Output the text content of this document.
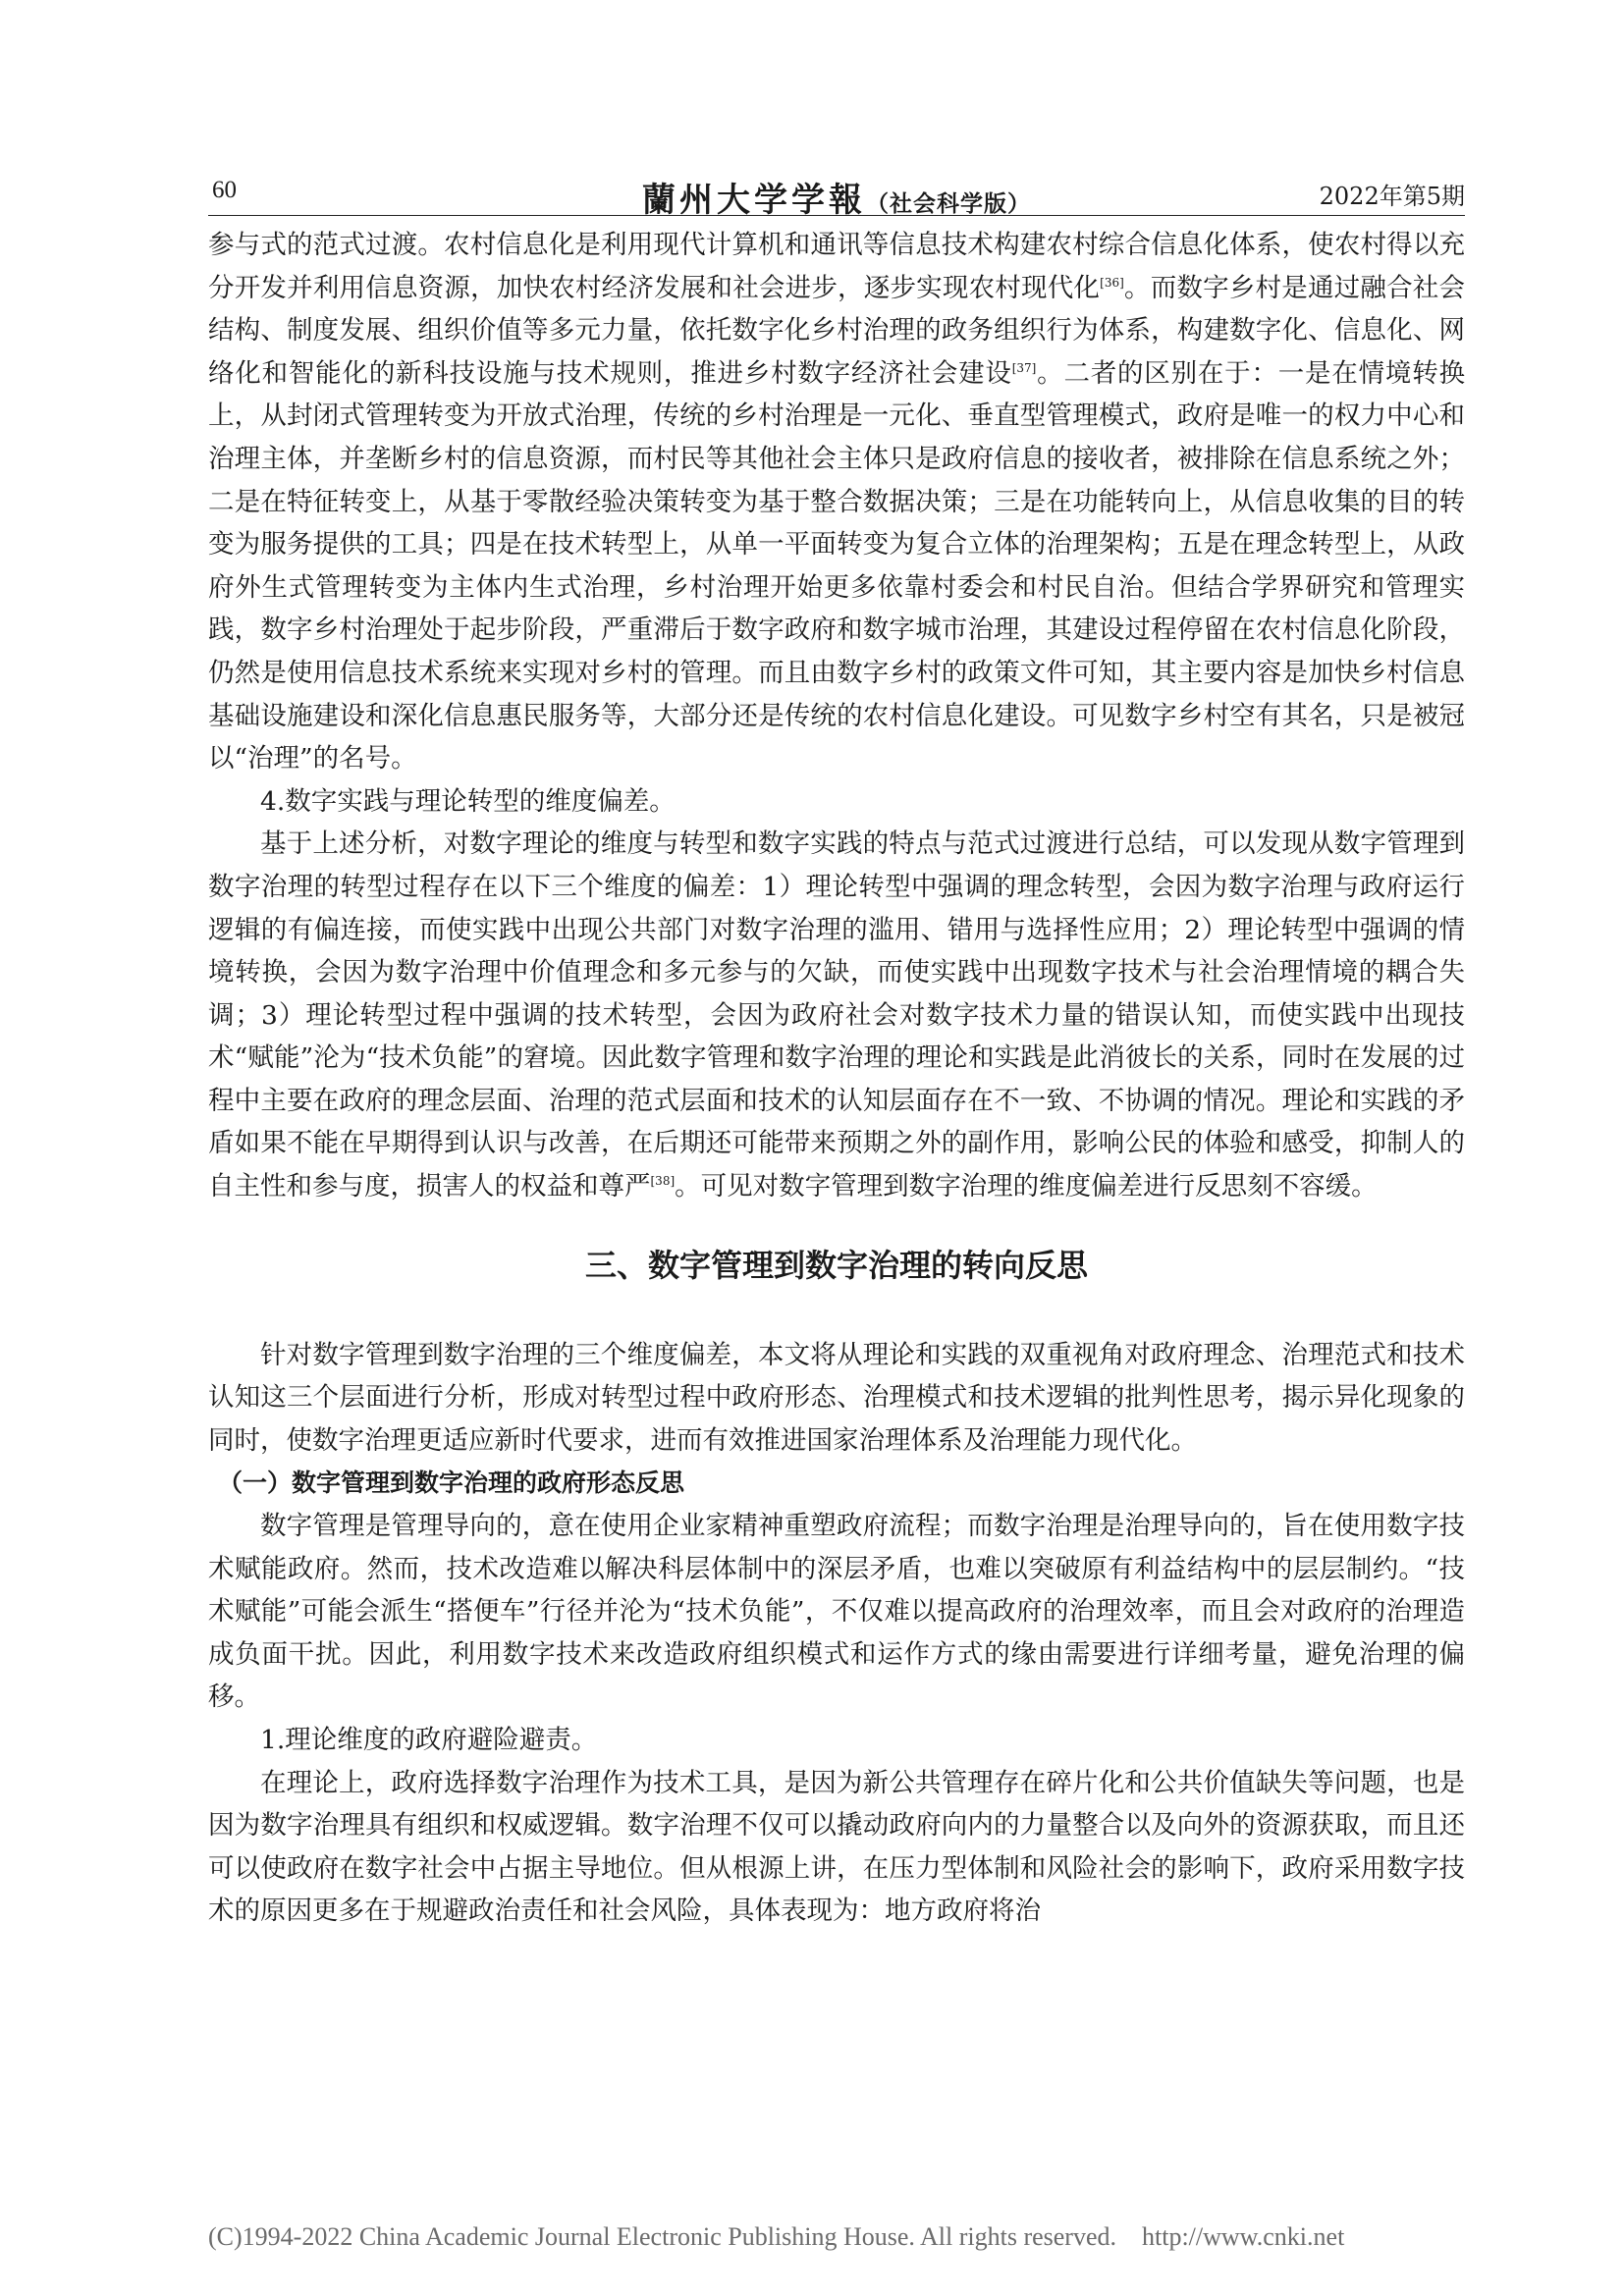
60	蘭州大学学報（社会科学版）	2022年第5期

参与式的范式过渡。农村信息化是利用现代计算机和通讯等信息技术构建农村综合信息化体系，使农村得以充分开发并利用信息资源，加快农村经济发展和社会进步，逐步实现农村现代化[36]。而数字乡村是通过融合社会结构、制度发展、组织价值等多元力量，依托数字化乡村治理的政务组织行为体系，构建数字化、信息化、网络化和智能化的新科技设施与技术规则，推进乡村数字经济社会建设[37]。二者的区别在于：一是在情境转换上，从封闭式管理转变为开放式治理，传统的乡村治理是一元化、垂直型管理模式，政府是唯一的权力中心和治理主体，并垄断乡村的信息资源，而村民等其他社会主体只是政府信息的接收者，被排除在信息系统之外；二是在特征转变上，从基于零散经验决策转变为基于整合数据决策；三是在功能转向上，从信息收集的目的转变为服务提供的工具；四是在技术转型上，从单一平面转变为复合立体的治理架构；五是在理念转型上，从政府外生式管理转变为主体内生式治理，乡村治理开始更多依靠村委会和村民自治。但结合学界研究和管理实践，数字乡村治理处于起步阶段，严重滞后于数字政府和数字城市治理，其建设过程停留在农村信息化阶段，仍然是使用信息技术系统来实现对乡村的管理。而且由数字乡村的政策文件可知，其主要内容是加快乡村信息基础设施建设和深化信息惠民服务等，大部分还是传统的农村信息化建设。可见数字乡村空有其名，只是被冠以“治理”的名号。

4.数字实践与理论转型的维度偏差。

基于上述分析，对数字理论的维度与转型和数字实践的特点与范式过渡进行总结，可以发现从数字管理到数字治理的转型过程存在以下三个维度的偏差：1）理论转型中强调的理念转型，会因为数字治理与政府运行逻辑的有偏连接，而使实践中出现公共部门对数字治理的滥用、错用与选择性应用；2）理论转型中强调的情境转换，会因为数字治理中价值理念和多元参与的欠缺，而使实践中出现数字技术与社会治理情境的耦合失调；3）理论转型过程中强调的技术转型，会因为政府社会对数字技术力量的错误认知，而使实践中出现技术“赋能”沦为“技术负能”的窘境。因此数字管理和数字治理的理论和实践是此消彼长的关系，同时在发展的过程中主要在政府的理念层面、治理的范式层面和技术的认知层面存在不一致、不协调的情况。理论和实践的矛盾如果不能在早期得到认识与改善，在后期还可能带来预期之外的副作用，影响公民的体验和感受，抑制人的自主性和参与度，损害人的权益和尊严[38]。可见对数字管理到数字治理的维度偏差进行反思刻不容缓。

三、数字管理到数字治理的转向反思

针对数字管理到数字治理的三个维度偏差，本文将从理论和实践的双重视角对政府理念、治理范式和技术认知这三个层面进行分析，形成对转型过程中政府形态、治理模式和技术逻辑的批判性思考，揭示异化现象的同时，使数字治理更适应新时代要求，进而有效推进国家治理体系及治理能力现代化。

（一）数字管理到数字治理的政府形态反思

数字管理是管理导向的，意在使用企业家精神重塑政府流程；而数字治理是治理导向的，旨在使用数字技术赋能政府。然而，技术改造难以解决科层体制中的深层矛盾，也难以突破原有利益结构中的层层制约。“技术赋能”可能会派生“搭便车”行径并沦为“技术负能”，不仅难以提高政府的治理效率，而且会对政府的治理造成负面干扰。因此，利用数字技术来改造政府组织模式和运作方式的缘由需要进行详细考量，避免治理的偏移。

1.理论维度的政府避险避责。

在理论上，政府选择数字治理作为技术工具，是因为新公共管理存在碎片化和公共价值缺失等问题，也是因为数字治理具有组织和权威逻辑。数字治理不仅可以撬动政府向内的力量整合以及向外的资源获取，而且还可以使政府在数字社会中占据主导地位。但从根源上讲，在压力型体制和风险社会的影响下，政府采用数字技术的原因更多在于规避政治责任和社会风险，具体表现为：地方政府将治

(C)1994-2022 China Academic Journal Electronic Publishing House. All rights reserved. http://www.cnki.net
